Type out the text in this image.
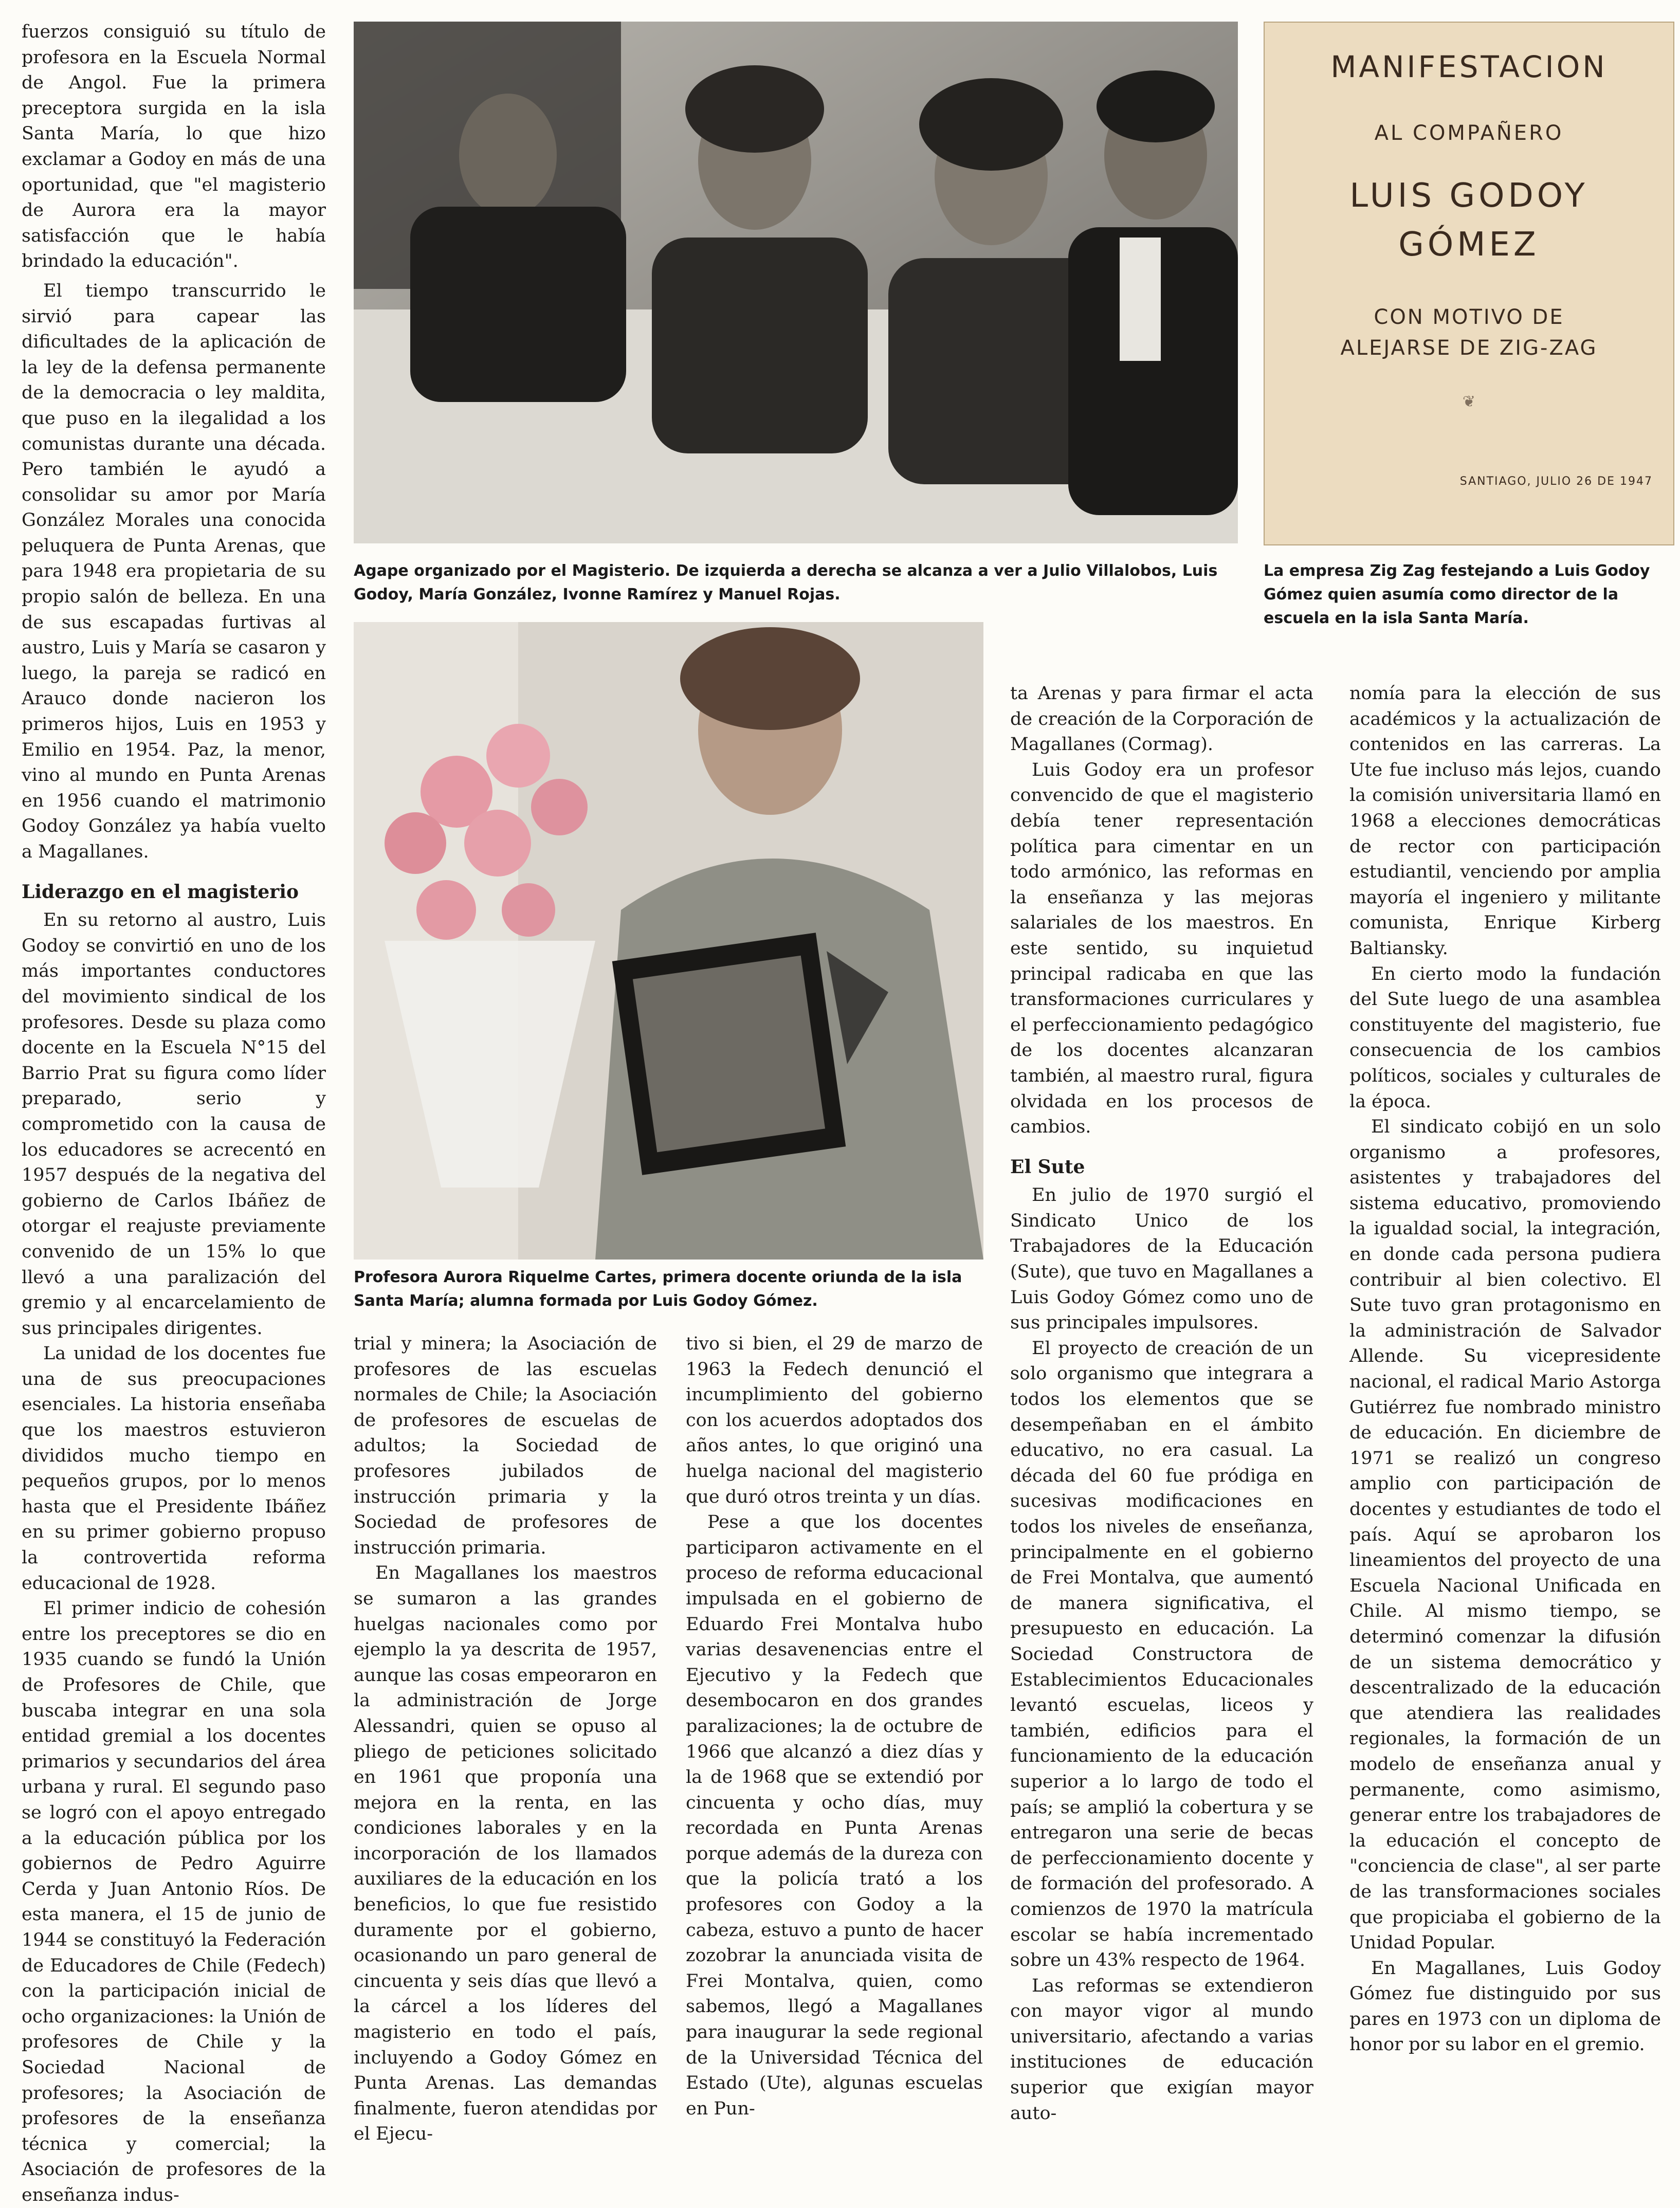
Agape organizado por el Magisterio. De izquierda a derecha se alcanza a ver a Julio Villalobos, Luis Godoy, María González, Ivonne Ramírez y Manuel Rojas.
MANIFESTACION
AL COMPAÑERO
LUIS GODOY
GÓMEZ
CON MOTIVO DE
ALEJARSE DE ZIG-ZAG
❦
SANTIAGO, JULIO 26 DE 1947
La empresa Zig Zag festejando a Luis Godoy Gómez quien asumía como director de la escuela en la isla Santa María.
Profesora Aurora Riquelme Cartes, primera docente oriunda de la isla Santa María; alumna formada por Luis Godoy Gómez.

fuerzos consiguió su título de profesora en la Escuela Normal de Angol. Fue la primera preceptora surgida en la isla Santa María, lo que hizo exclamar a Godoy en más de una oportunidad, que "el magisterio de Aurora era la mayor satisfacción que le había brindado la educación".

El tiempo transcurrido le sirvió para capear las dificultades de la aplicación de la ley de la defensa permanente de la democracia o ley maldita, que puso en la ilegalidad a los comunistas durante una década. Pero también le ayudó a consolidar su amor por María González Morales una conocida peluquera de Punta Arenas, que para 1948 era propietaria de su propio salón de belleza. En una de sus escapadas furtivas al austro, Luis y María se casaron y luego, la pareja se radicó en Arauco donde nacieron los primeros hijos, Luis en 1953 y Emilio en 1954. Paz, la menor, vino al mundo en Punta Arenas en 1956 cuando el matrimonio Godoy González ya había vuelto a Magallanes.

Liderazgo en el magisterio

En su retorno al austro, Luis Godoy se convirtió en uno de los más importantes conductores del movimiento sindical de los profesores. Desde su plaza como docente en la Escuela N°15 del Barrio Prat su figura como líder preparado, serio y comprometido con la causa de los educadores se acrecentó en 1957 después de la negativa del gobierno de Carlos Ibáñez de otorgar el reajuste previamente convenido de un 15% lo que llevó a una paralización del gremio y al encarcelamiento de sus principales dirigentes.

La unidad de los docentes fue una de sus preocupaciones esenciales. La historia enseñaba que los maestros estuvieron divididos mucho tiempo en pequeños grupos, por lo menos hasta que el Presidente Ibáñez en su primer gobierno propuso la controvertida reforma educacional de 1928.

El primer indicio de cohesión entre los preceptores se dio en 1935 cuando se fundó la Unión de Profesores de Chile, que buscaba integrar en una sola entidad gremial a los docentes primarios y secundarios del área urbana y rural. El segundo paso se logró con el apoyo entregado a la educación pública por los gobiernos de Pedro Aguirre Cerda y Juan Antonio Ríos. De esta manera, el 15 de junio de 1944 se constituyó la Federación de Educadores de Chile (Fedech) con la participación inicial de ocho organizaciones: la Unión de profesores de Chile y la Sociedad Nacional de profesores; la Asociación de profesores de la enseñanza técnica y comercial; la Asociación de profesores de la enseñanza indus-

trial y minera; la Asociación de profesores de las escuelas normales de Chile; la Asociación de profesores de escuelas de adultos; la Sociedad de profesores jubilados de instrucción primaria y la Sociedad de profesores de instrucción primaria.

En Magallanes los maestros se sumaron a las grandes huelgas nacionales como por ejemplo la ya descrita de 1957, aunque las cosas empeoraron en la administración de Jorge Alessandri, quien se opuso al pliego de peticiones solicitado en 1961 que proponía una mejora en la renta, en las condiciones laborales y en la incorporación de los llamados auxiliares de la educación en los beneficios, lo que fue resistido duramente por el gobierno, ocasionando un paro general de cincuenta y seis días que llevó a la cárcel a los líderes del magisterio en todo el país, incluyendo a Godoy Gómez en Punta Arenas. Las demandas finalmente, fueron atendidas por el Ejecu-

tivo si bien, el 29 de marzo de 1963 la Fedech denunció el incumplimiento del gobierno con los acuerdos adoptados dos años antes, lo que originó una huelga nacional del magisterio que duró otros treinta y un días.

Pese a que los docentes participaron activamente en el proceso de reforma educacional impulsada en el gobierno de Eduardo Frei Montalva hubo varias desavenencias entre el Ejecutivo y la Fedech que desembocaron en dos grandes paralizaciones; la de octubre de 1966 que alcanzó a diez días y la de 1968 que se extendió por cincuenta y ocho días, muy recordada en Punta Arenas porque además de la dureza con que la policía trató a los profesores con Godoy a la cabeza, estuvo a punto de hacer zozobrar la anunciada visita de Frei Montalva, quien, como sabemos, llegó a Magallanes para inaugurar la sede regional de la Universidad Técnica del Estado (Ute), algunas escuelas en Pun-

ta Arenas y para firmar el acta de creación de la Corporación de Magallanes (Cormag).

Luis Godoy era un profesor convencido de que el magisterio debía tener representación política para cimentar en un todo armónico, las reformas en la enseñanza y las mejoras salariales de los maestros. En este sentido, su inquietud principal radicaba en que las transformaciones curriculares y el perfeccionamiento pedagógico de los docentes alcanzaran también, al maestro rural, figura olvidada en los procesos de cambios.

El Sute

En julio de 1970 surgió el Sindicato Unico de los Trabajadores de la Educación (Sute), que tuvo en Magallanes a Luis Godoy Gómez como uno de sus principales impulsores.

El proyecto de creación de un solo organismo que integrara a todos los elementos que se desempeñaban en el ámbito educativo, no era casual. La década del 60 fue pródiga en sucesivas modificaciones en todos los niveles de enseñanza, principalmente en el gobierno de Frei Montalva, que aumentó de manera significativa, el presupuesto en educación. La Sociedad Constructora de Establecimientos Educacionales levantó escuelas, liceos y también, edificios para el funcionamiento de la educación superior a lo largo de todo el país; se amplió la cobertura y se entregaron una serie de becas de perfeccionamiento docente y de formación del profesorado. A comienzos de 1970 la matrícula escolar se había incrementado sobre un 43% respecto de 1964.

Las reformas se extendieron con mayor vigor al mundo universitario, afectando a varias instituciones de educación superior que exigían mayor auto-

nomía para la elección de sus académicos y la actualización de contenidos en las carreras. La Ute fue incluso más lejos, cuando la comisión universitaria llamó en 1968 a elecciones democráticas de rector con participación estudiantil, venciendo por amplia mayoría el ingeniero y militante comunista, Enrique Kirberg Baltiansky.

En cierto modo la fundación del Sute luego de una asamblea constituyente del magisterio, fue consecuencia de los cambios políticos, sociales y culturales de la época.

El sindicato cobijó en un solo organismo a profesores, asistentes y trabajadores del sistema educativo, promoviendo la igualdad social, la integración, en donde cada persona pudiera contribuir al bien colectivo. El Sute tuvo gran protagonismo en la administración de Salvador Allende. Su vicepresidente nacional, el radical Mario Astorga Gutiérrez fue nombrado ministro de educación. En diciembre de 1971 se realizó un congreso amplio con participación de docentes y estudiantes de todo el país. Aquí se aprobaron los lineamientos del proyecto de una Escuela Nacional Unificada en Chile. Al mismo tiempo, se determinó comenzar la difusión de un sistema democrático y descentralizado de la educación que atendiera las realidades regionales, la formación de un modelo de enseñanza anual y permanente, como asimismo, generar entre los trabajadores de la educación el concepto de "conciencia de clase", al ser parte de las transformaciones sociales que propiciaba el gobierno de la Unidad Popular.

En Magallanes, Luis Godoy Gómez fue distinguido por sus pares en 1973 con un diploma de honor por su labor en el gremio.
